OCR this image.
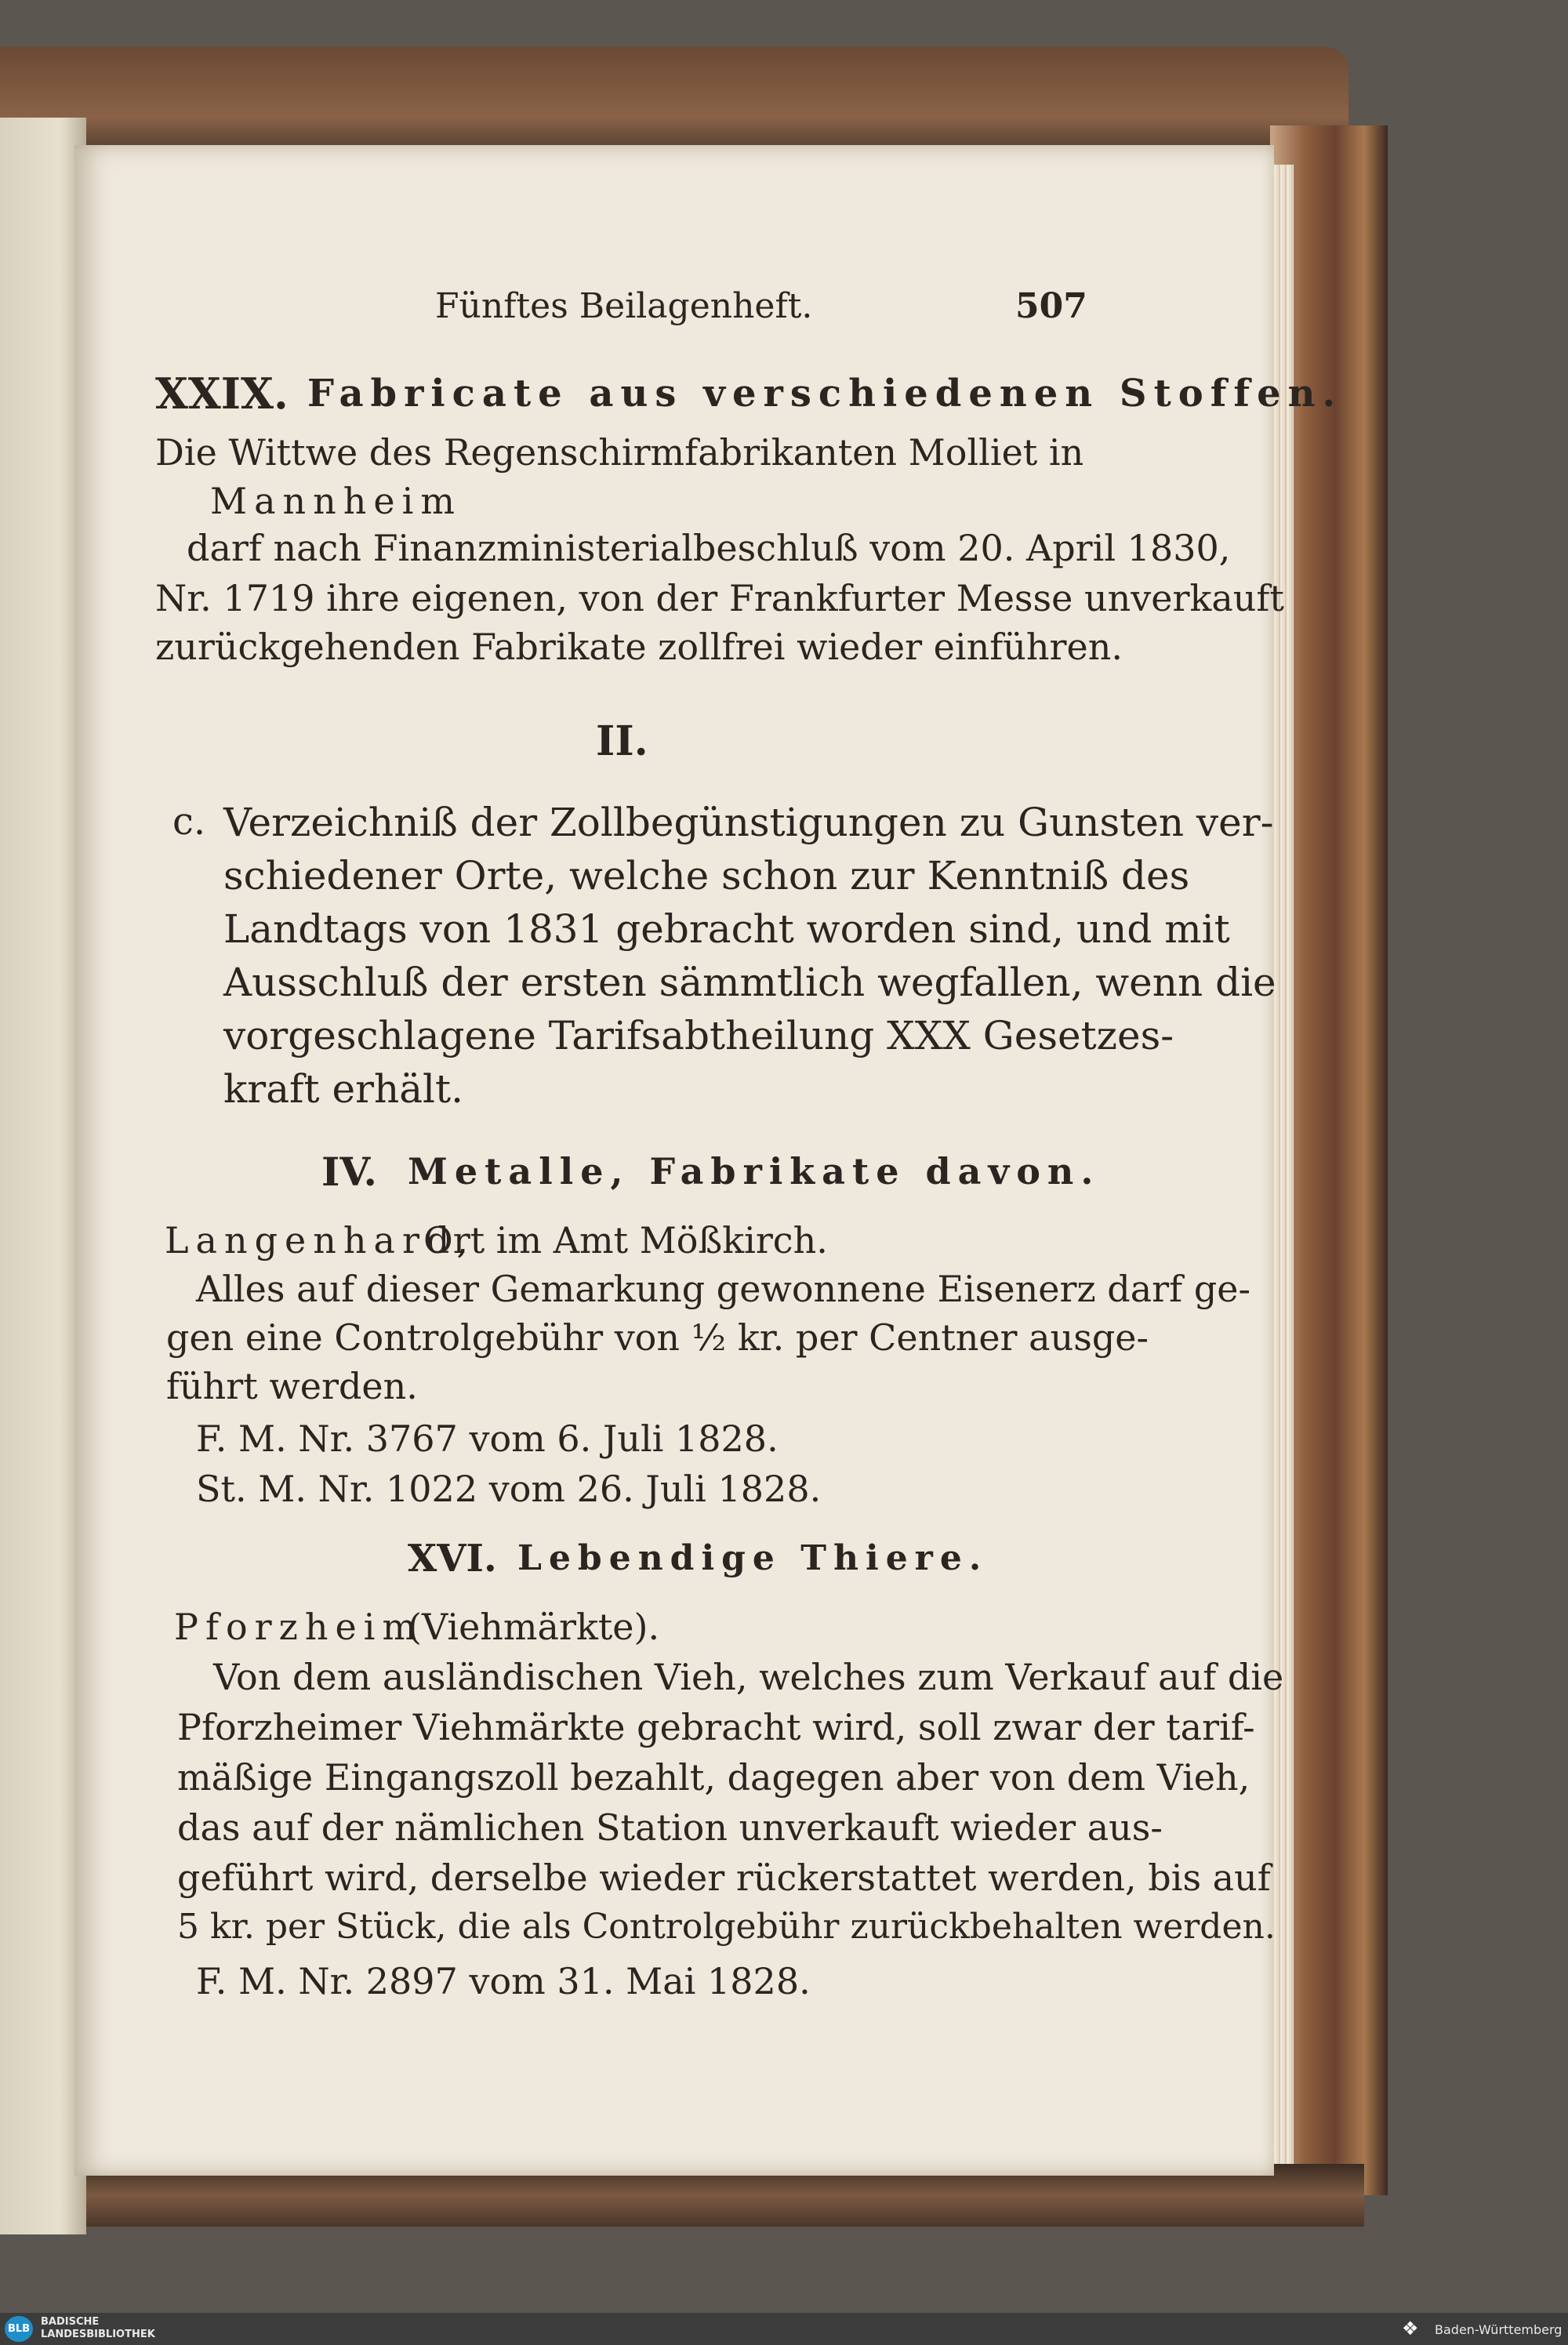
Fünftes Beilagenheft.	507
XXIX. Fabricate aus verschiedenen Stoffen.
Die Wittwe des Regenschirmfabrikanten Molliet in
Mannheim
darf nach Finanzministerialbeschluß vom 20. April 1830,
Nr. 1719 ihre eigenen, von der Frankfurter Messe unverkauft
zurückgehenden Fabrikate zollfrei wieder einführen.
II.
c. Verzeichniß der Zollbegünstigungen zu Gunsten ver-
schiedener Orte, welche schon zur Kenntniß des
Landtags von 1831 gebracht worden sind, und mit
Ausschluß der ersten sämmtlich wegfallen, wenn die
vorgeschlagene Tarifsabtheilung XXX Gesetzes-
kraft erhält.
IV. Metalle, Fabrikate davon.
Langenhard,
Ort im Amt Mößkirch.
Alles auf dieser Gemarkung gewonnene Eisenerz darf ge-
gen eine Controlgebühr von ½ kr. per Centner ausge-
führt werden.
F. M. Nr. 3767 vom 6. Juli 1828.
St. M. Nr. 1022 vom 26. Juli 1828.
XVI. Lebendige Thiere.
Pforzheim
(Viehmärkte).
Von dem ausländischen Vieh, welches zum Verkauf auf die
Pforzheimer Viehmärkte gebracht wird, soll zwar der tarif-
mäßige Eingangszoll bezahlt, dagegen aber von dem Vieh,
das auf der nämlichen Station unverkauft wieder aus-
geführt wird, derselbe wieder rückerstattet werden, bis auf
5 kr. per Stück, die als Controlgebühr zurückbehalten werden.
F. M. Nr. 2897 vom 31. Mai 1828.
BLB
BADISCHE
LANDESBIBLIOTHEK	❖ Baden-Württemberg
